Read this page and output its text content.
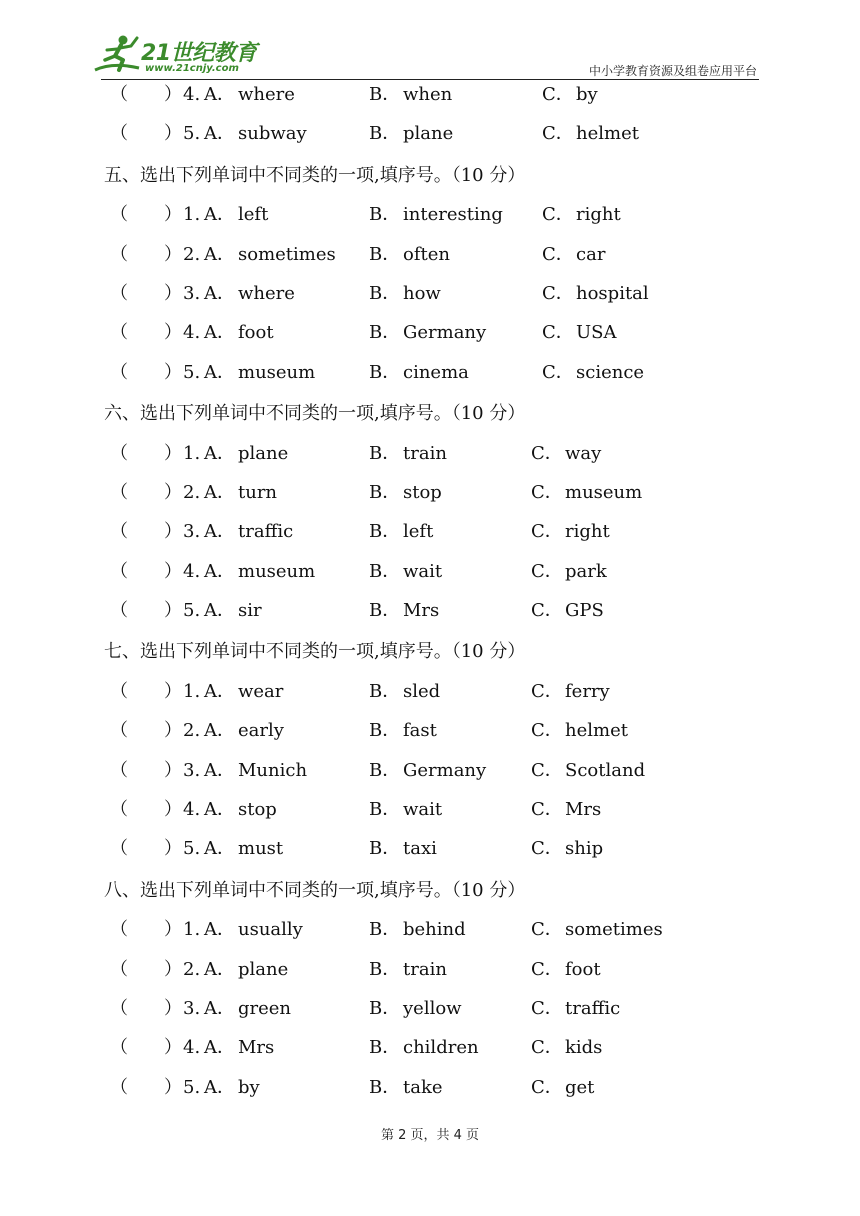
21世纪教育
www.21cnjy.com	中小学教育资源及组卷应用平台
（ ） 4. A． where	B． when	C． by
（ ） 5. A． subway	B． plane	C． helmet
五、选出下列单词中不同类的一项,填序号。（10 分）
（ ） 1. A． left	B． interesting C． right
（ ） 2. A． sometimes B． often	C． car
（ ） 3. A． where	B． how	C． hospital
（ ） 4. A． foot	B． Germany	C． USA
（ ） 5. A． museum	B． cinema	C． science
六、选出下列单词中不同类的一项,填序号。（10 分）
（ ） 1. A． plane	B． train	C． way
（ ） 2. A． turn	B． stop	C． museum
（ ） 3. A． traffic	B． left	C． right
（ ） 4. A． museum	B． wait	C． park
（ ） 5. A． sir	B． Mrs	C． GPS
七、选出下列单词中不同类的一项,填序号。（10 分）
（ ） 1. A． wear	B． sled	C． ferry
（ ） 2. A． early	B． fast	C． helmet
（ ） 3. A． Munich	B． Germany C． Scotland
（ ） 4. A． stop	B． wait	C． Mrs
（ ） 5. A． must	B． taxi	C． ship
八、选出下列单词中不同类的一项,填序号。（10 分）
（ ） 1. A． usually	B． behind	C． sometimes
（ ） 2. A． plane	B． train	C． foot
（ ） 3. A． green	B． yellow	C． traffic
（ ） 4. A． Mrs	B． children	C． kids
（ ） 5. A． by	B． take	C． get
第 2 页，共 4 页
